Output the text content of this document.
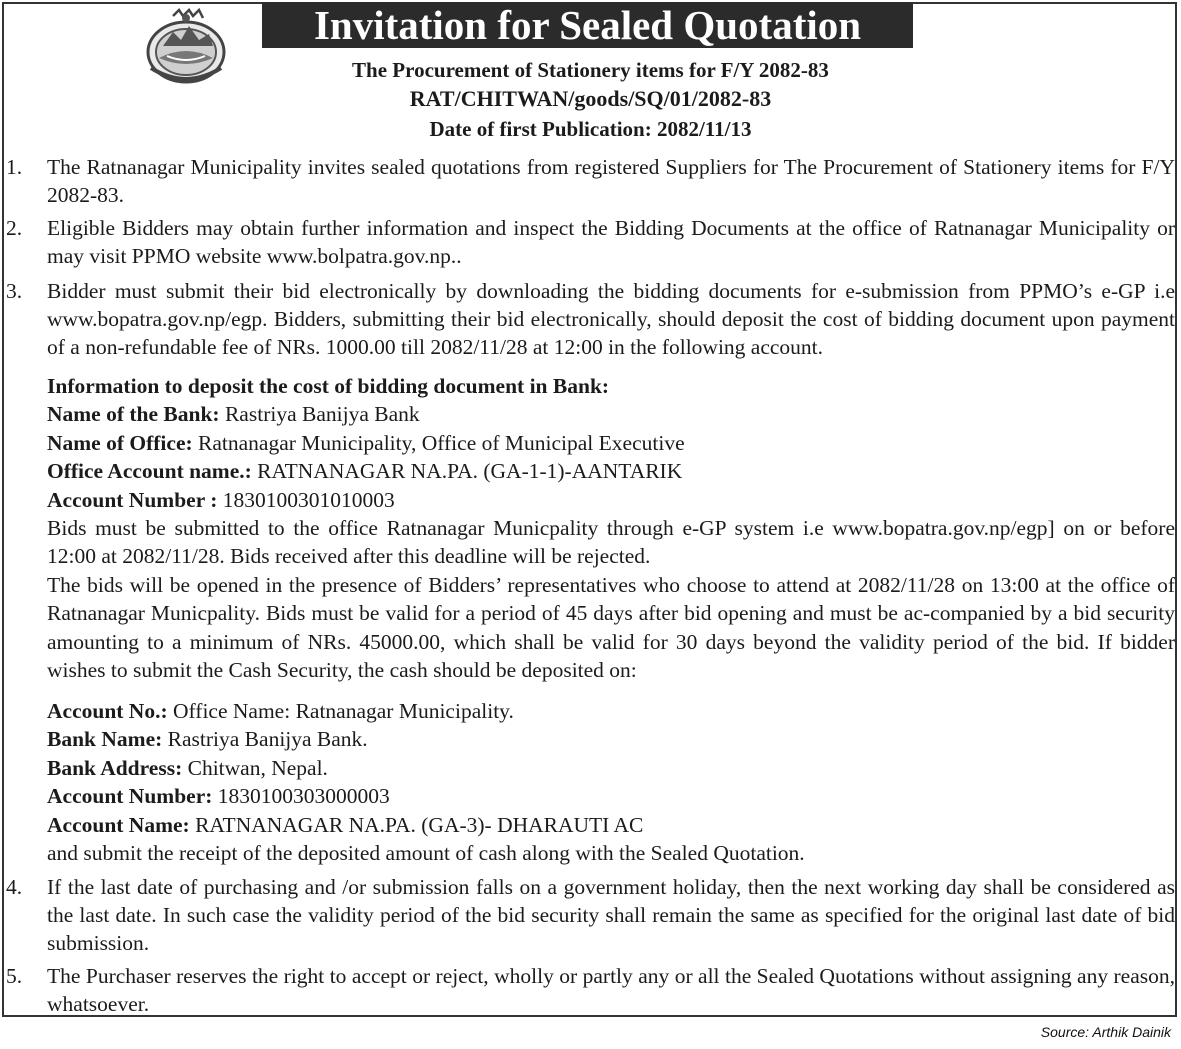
Invitation for Sealed Quotation
The Procurement of Stationery items for F/Y 2082-83
RAT/CHITWAN/goods/SQ/01/2082-83
Date of first Publication: 2082/11/13
1. The Ratnanagar Municipality invites sealed quotations from registered Suppliers for The Procurement of Stationery items for F/Y 2082-83.
2. Eligible Bidders may obtain further information and inspect the Bidding Documents at the office of Ratnanagar Municipality or may visit PPMO website www.bolpatra.gov.np..
3. Bidder must submit their bid electronically by downloading the bidding documents for e-submission from PPMO’s e-GP i.e www.bopatra.gov.np/egp. Bidders, submitting their bid electronically, should deposit the cost of bidding document upon payment of a non-refundable fee of NRs. 1000.00 till 2082/11/28 at 12:00 in the following account.
Information to deposit the cost of bidding document in Bank:
Name of the Bank: Rastriya Banijya Bank
Name of Office: Ratnanagar Municipality, Office of Municipal Executive
Office Account name.: RATNANAGAR NA.PA. (GA-1-1)-AANTARIK
Account Number : 1830100301010003
Bids must be submitted to the office Ratnanagar Municpality through e-GP system i.e www.bopatra.gov.np/egp] on or before 12:00 at 2082/11/28. Bids received after this deadline will be rejected.
The bids will be opened in the presence of Bidders’ representatives who choose to attend at 2082/11/28 on 13:00 at the office of Ratnanagar Municpality. Bids must be valid for a period of 45 days after bid opening and must be ac-companied by a bid security amounting to a minimum of NRs. 45000.00, which shall be valid for 30 days beyond the validity period of the bid. If bidder wishes to submit the Cash Security, the cash should be deposited on:
Account No.: Office Name: Ratnanagar Municipality.
Bank Name: Rastriya Banijya Bank.
Bank Address: Chitwan, Nepal.
Account Number: 1830100303000003
Account Name: RATNANAGAR NA.PA. (GA-3)- DHARAUTI AC
and submit the receipt of the deposited amount of cash along with the Sealed Quotation.
4. If the last date of purchasing and /or submission falls on a government holiday, then the next working day shall be considered as the last date. In such case the validity period of the bid security shall remain the same as specified for the original last date of bid submission.
5. The Purchaser reserves the right to accept or reject, wholly or partly any or all the Sealed Quotations without assigning any reason, whatsoever.
Source: Arthik Dainik
